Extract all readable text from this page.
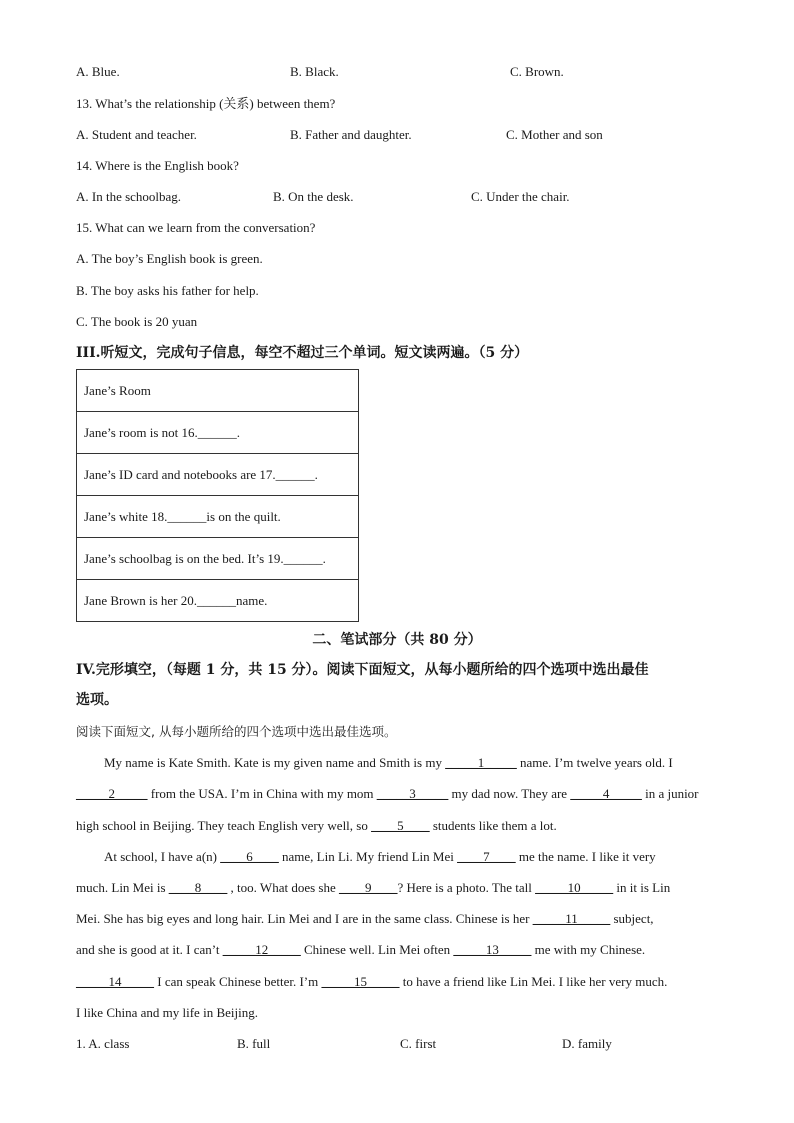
A. Blue.	B. Black.	C. Brown.
13. What’s the relationship (关系) between them?
A. Student and teacher.	B. Father and daughter.	C. Mother and son
14. Where is the English book?
A. In the schoolbag.	B. On the desk.	C. Under the chair.
15. What can we learn from the conversation?
A. The boy’s English book is green.
B. The boy asks his father for help.
C. The book is 20 yuan
III.听短文，完成句子信息，每空不超过三个单词。短文读两遍。（5 分）
Jane’s Room
Jane’s room is not 16.______.
Jane’s ID card and notebooks are 17.______.
Jane’s white 18.______is on the quilt.
Jane’s schoolbag is on the bed. It’s 19.______.
Jane Brown is her 20.______name.
二、笔试部分（共 80 分）
IV.完形填空，（每题 1 分，共 15 分）。阅读下面短文，从每小题所给的四个选项中选出最佳
选项。
阅读下面短文, 从每小题所给的四个选项中选出最佳选项。
My name is Kate Smith. Kate is my given name and Smith is my _____1_____ name. I’m twelve years old. I
_____2_____ from the USA. I’m in China with my mom _____3_____ my dad now. They are _____4_____ in a junior
high school in Beijing. They teach English very well, so ____5____ students like them a lot.
At school, I have a(n) ____6____ name, Lin Li. My friend Lin Mei ____7____ me the name. I like it very
much. Lin Mei is ____8____ , too. What does she ____9____? Here is a photo. The tall _____10_____ in it is Lin
Mei. She has big eyes and long hair. Lin Mei and I are in the same class. Chinese is her _____11_____ subject,
and she is good at it. I can’t _____12_____ Chinese well. Lin Mei often _____13_____ me with my Chinese.
_____14_____ I can speak Chinese better. I’m _____15_____ to have a friend like Lin Mei. I like her very much.
I like China and my life in Beijing.
1. A. class	B. full	C. first	D. family
